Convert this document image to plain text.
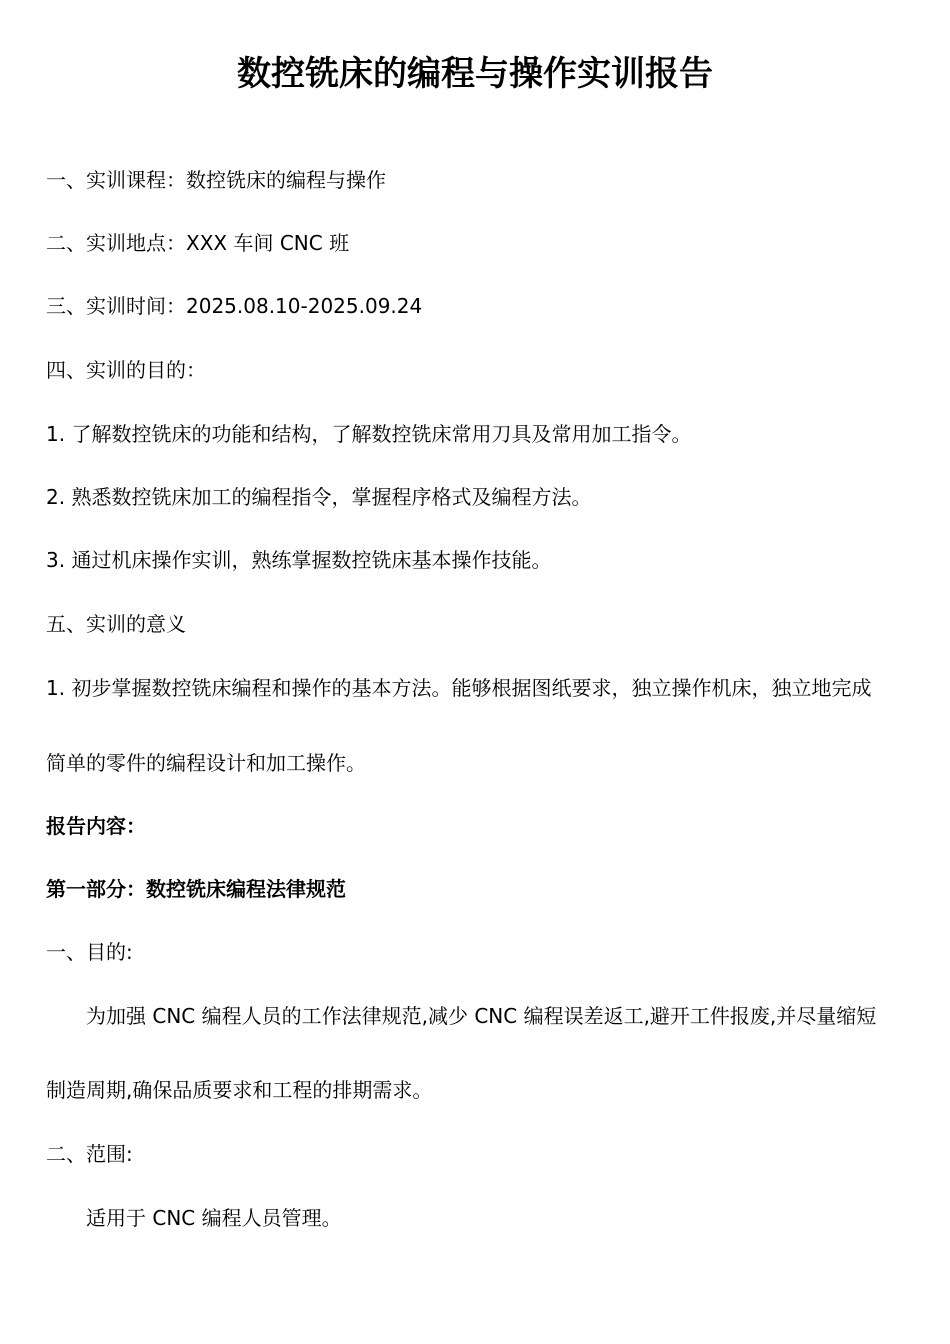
数控铣床的编程与操作实训报告
一、实训课程：数控铣床的编程与操作
二、实训地点：XXX 车间 CNC 班
三、实训时间：2025.08.10-2025.09.24
四、实训的目的：
1. 了解数控铣床的功能和结构，了解数控铣床常用刀具及常用加工指令。
2. 熟悉数控铣床加工的编程指令，掌握程序格式及编程方法。
3. 通过机床操作实训，熟练掌握数控铣床基本操作技能。
五、实训的意义
1. 初步掌握数控铣床编程和操作的基本方法。能够根据图纸要求，独立操作机床，独立地完成
简单的零件的编程设计和加工操作。
报告内容：
第一部分：数控铣床编程法律规范
一、目的:
为加强 CNC 编程人员的工作法律规范,减少 CNC 编程误差返工,避开工件报废,并尽量缩短
制造周期,确保品质要求和工程的排期需求。
二、范围:
适用于 CNC 编程人员管理。
